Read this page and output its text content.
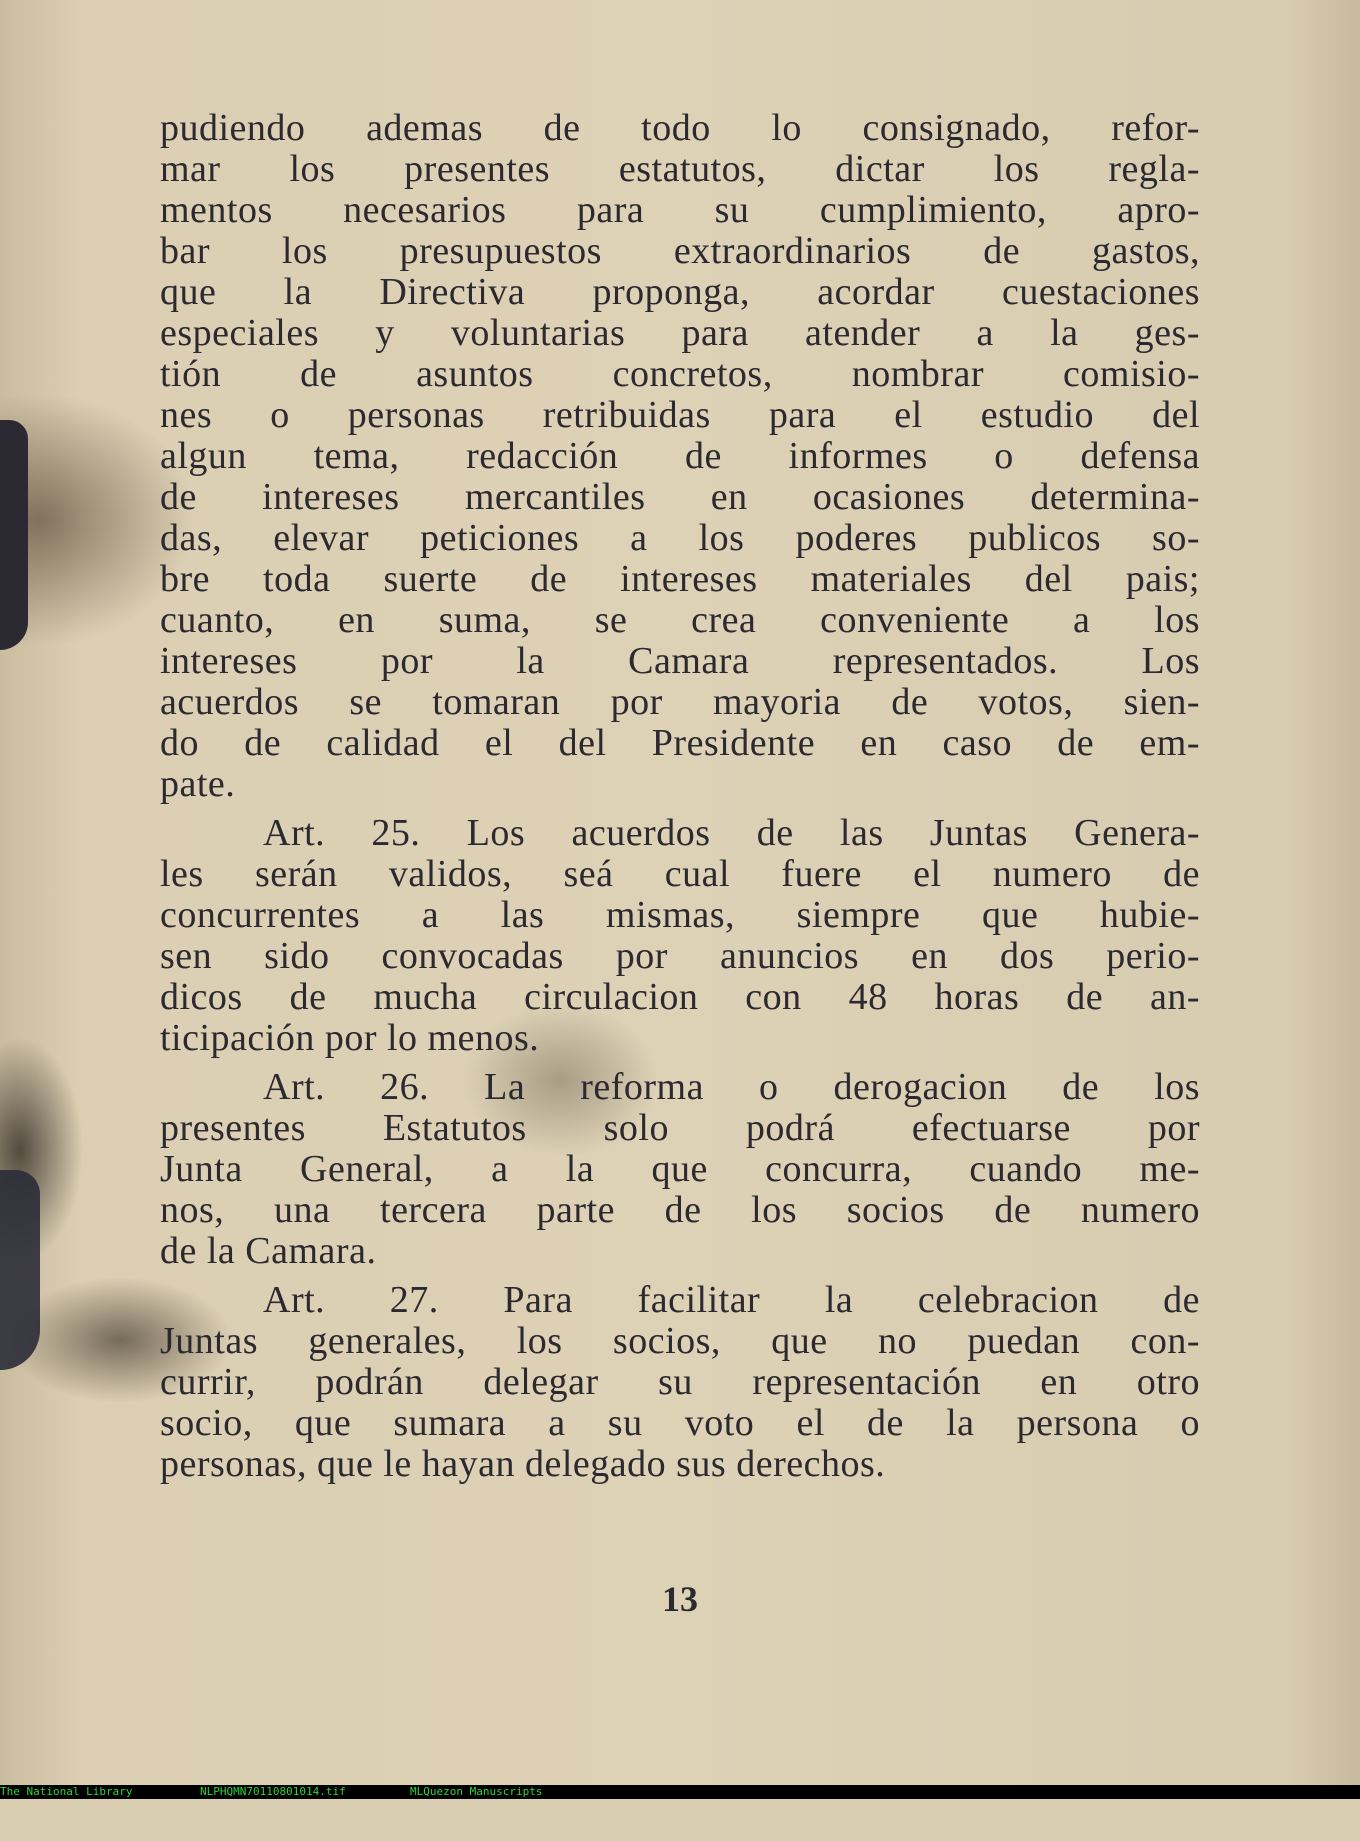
pudiendo ademas de todo lo consignado, refor-
mar los presentes estatutos, dictar los regla-
mentos necesarios para su cumplimiento, apro-
bar los presupuestos extraordinarios de gastos,
que la Directiva proponga, acordar cuestaciones
especiales y voluntarias para atender a la ges-
tión de asuntos concretos, nombrar comisio-
nes o personas retribuidas para el estudio del
algun tema, redacción de informes o defensa
de intereses mercantiles en ocasiones determina-
das, elevar peticiones a los poderes publicos so-
bre toda suerte de intereses materiales del pais;
cuanto, en suma, se crea conveniente a los
intereses por la Camara representados. Los
acuerdos se tomaran por mayoria de votos, sien-
do de calidad el del Presidente en caso de em-
pate.
Art. 25. Los acuerdos de las Juntas Genera-
les serán validos, seá cual fuere el numero de
concurrentes a las mismas, siempre que hubie-
sen sido convocadas por anuncios en dos perio-
dicos de mucha circulacion con 48 horas de an-
ticipación por lo menos.
Art. 26. La reforma o derogacion de los
presentes Estatutos solo podrá efectuarse por
Junta General, a la que concurra, cuando me-
nos, una tercera parte de los socios de numero
de la Camara.
Art. 27. Para facilitar la celebracion de
Juntas generales, los socios, que no puedan con-
currir, podrán delegar su representación en otro
socio, que sumara a su voto el de la persona o
personas, que le hayan delegado sus derechos.
13

The National Library

	NLPHQMN70110801014.tif

	MLQuezon Manuscripts
